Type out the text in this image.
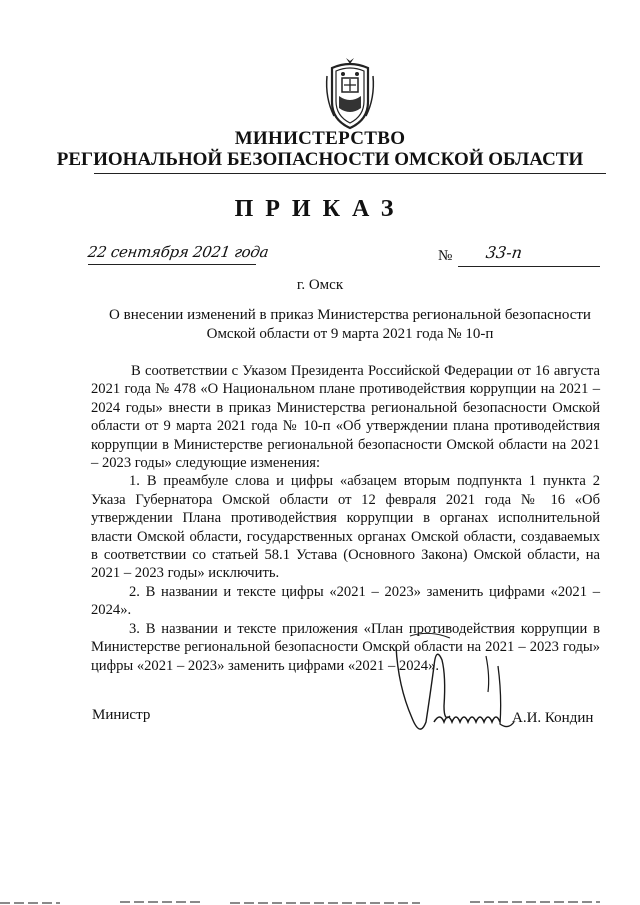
МИНИСТЕРСТВО
РЕГИОНАЛЬНОЙ БЕЗОПАСНОСТИ ОМСКОЙ ОБЛАСТИ
ПРИКАЗ
22 сентября 2021 года	№ 33-п
г. Омск
О внесении изменений в приказ Министерства региональной безопасности
Омской области от 9 марта 2021 года № 10-п

В соответствии с Указом Президента Российской Федерации от 16 августа 2021 года № 478 «О Национальном плане противодействия коррупции на 2021 – 2024 годы» внести в приказ Министерства региональной безопасности Омской области от 9 марта 2021 года № 10-п «Об утверждении плана противодействия коррупции в Министерстве региональной безопасности Омской области на 2021 – 2023 годы» следующие изменения:

1. В преамбуле слова и цифры «абзацем вторым подпункта 1 пункта 2 Указа Губернатора Омской области от 12 февраля 2021 года № 16 «Об утверждении Плана противодействия коррупции в органах исполнительной власти Омской области, государственных органах Омской области, создаваемых в соответствии со статьей 58.1 Устава (Основного Закона) Омской области, на 2021 – 2023 годы» исключить.

2. В названии и тексте цифры «2021 – 2023» заменить цифрами «2021 – 2024».

3. В названии и тексте приложения «План противодействия коррупции в Министерстве региональной безопасности Омской области на 2021 – 2023 годы» цифры «2021 – 2023» заменить цифрами «2021 – 2024».

Министр	А.И. Кондин
